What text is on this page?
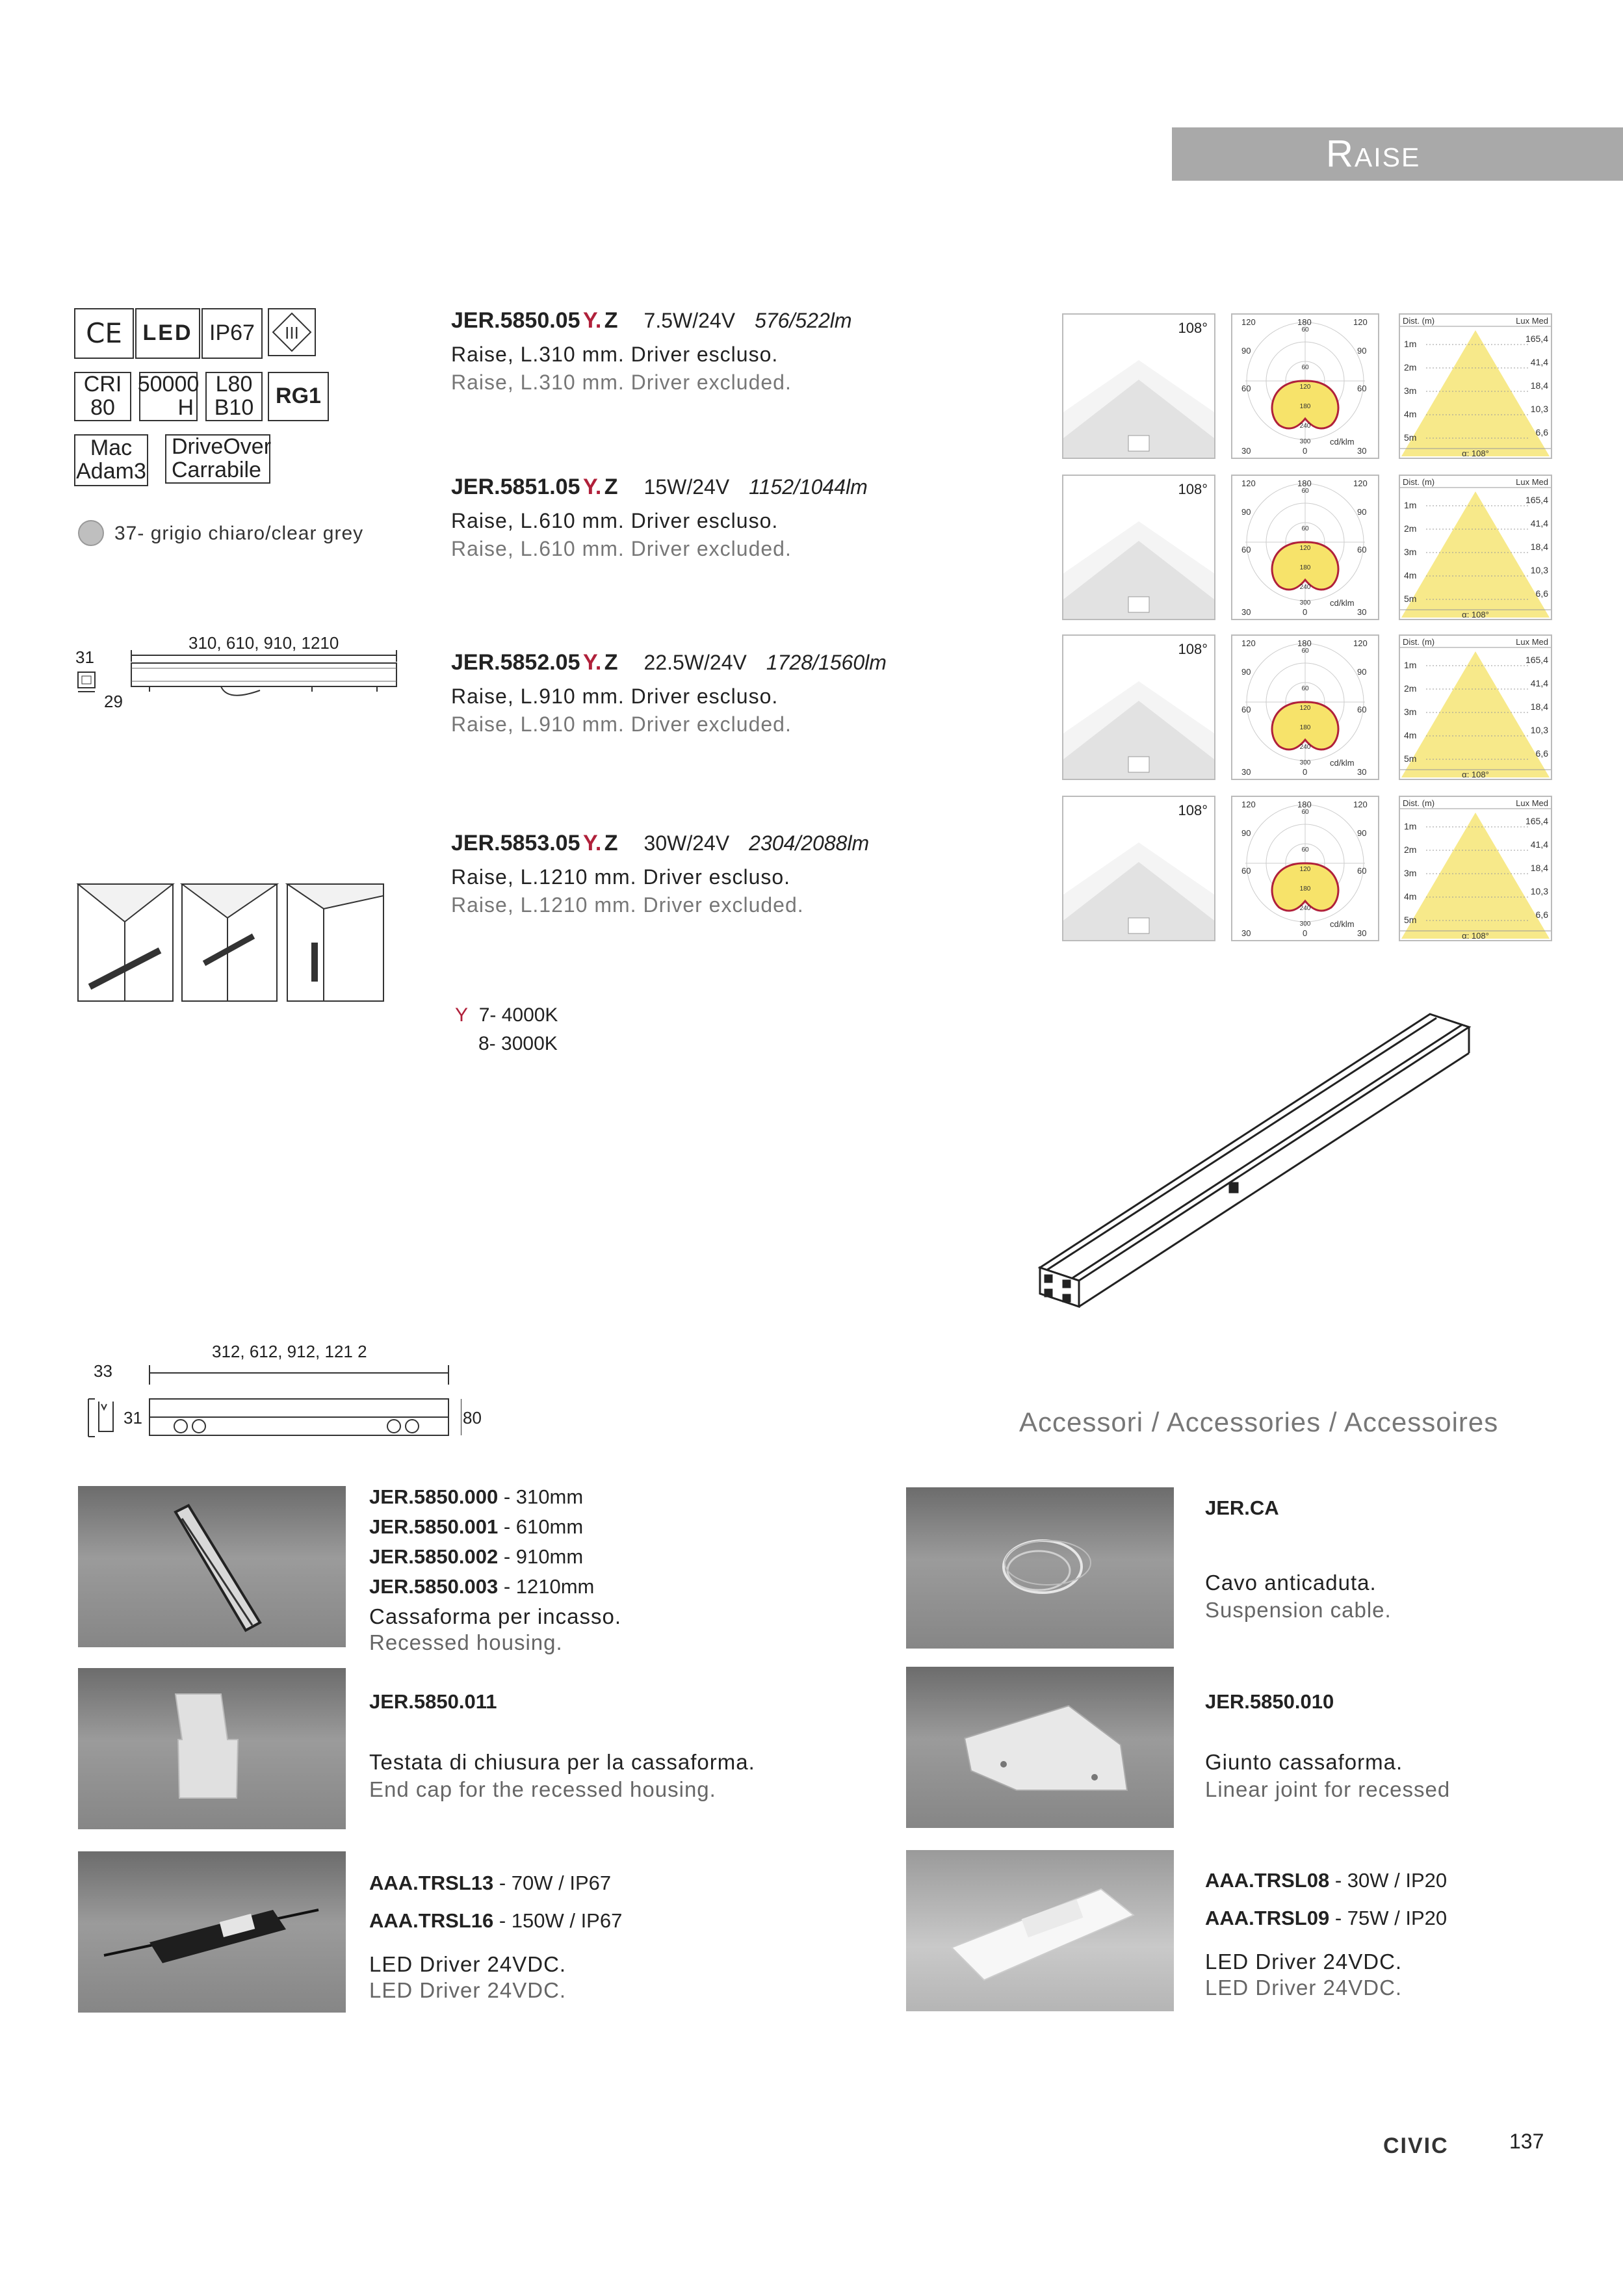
Raise
CE LED IP67	III
CRI
80
50000
H
L80
B10 RG1
Mac
Adam3
DriveOver
Carrabile
37- grigio chiaro/clear grey
310, 610, 910, 1210
31
29
JER.5850.05 Y. Z 7.5W/24V 576/522lm
Raise, L.310 mm. Driver escluso.
Raise, L.310 mm. Driver excluded.
JER.5851.05 Y. Z 15W/24V 1152/1044lm
Raise, L.610 mm. Driver escluso.
Raise, L.610 mm. Driver excluded.
JER.5852.05 Y. Z 22.5W/24V 1728/1560lm
Raise, L.910 mm. Driver escluso.
Raise, L.910 mm. Driver excluded.
JER.5853.05 Y. Z 30W/24V 2304/2088lm
Raise, L.1210 mm. Driver escluso.
Raise, L.1210 mm. Driver excluded.
Y 7- 4000K
8- 3000K
108°	120	180	120
90	90
60	60
30	0	30
cd/klm
60
60
120
180
240
300
Dist. (m)	Lux Med
1m	165,4
2m	41,4
3m	18,4
4m	10,3
5m	6,6
α: 108°
108°	120	180	120
90	90
60	60
30	0	30
cd/klm
60
60
120
180
240
300
Dist. (m)	Lux Med
1m	165,4
2m	41,4
3m	18,4
4m	10,3
5m	6,6
α: 108°
108°	120	180	120
90	90
60	60
30	0	30
cd/klm
60
60
120
180
240
300
Dist. (m)	Lux Med
1m	165,4
2m	41,4
3m	18,4
4m	10,3
5m	6,6
α: 108°
108°	120	180	120
90	90
60	60
30	0	30
cd/klm
60
60
120
180
240
300
Dist. (m)	Lux Med
1m	165,4
2m	41,4
3m	18,4
4m	10,3
5m	6,6
α: 108°
312, 612, 912, 121 2
33
31	80	Accessori / Accessories / Accessoires
JER.5850.000 - 310mm
JER.5850.001 - 610mm
JER.5850.002 - 910mm
JER.5850.003 - 1210mm
Cassaforma per incasso.
Recessed housing.
JER.CA
Cavo anticaduta.
Suspension cable.
JER.5850.011
Testata di chiusura per la cassaforma.
End cap for the recessed housing.
JER.5850.010
Giunto cassaforma.
Linear joint for recessed
AAA.TRSL13 - 70W / IP67
AAA.TRSL16 - 150W / IP67
LED Driver 24VDC.
LED Driver 24VDC.
AAA.TRSL08 - 30W / IP20
AAA.TRSL09 - 75W / IP20
LED Driver 24VDC.
LED Driver 24VDC.
CIVIC	137
